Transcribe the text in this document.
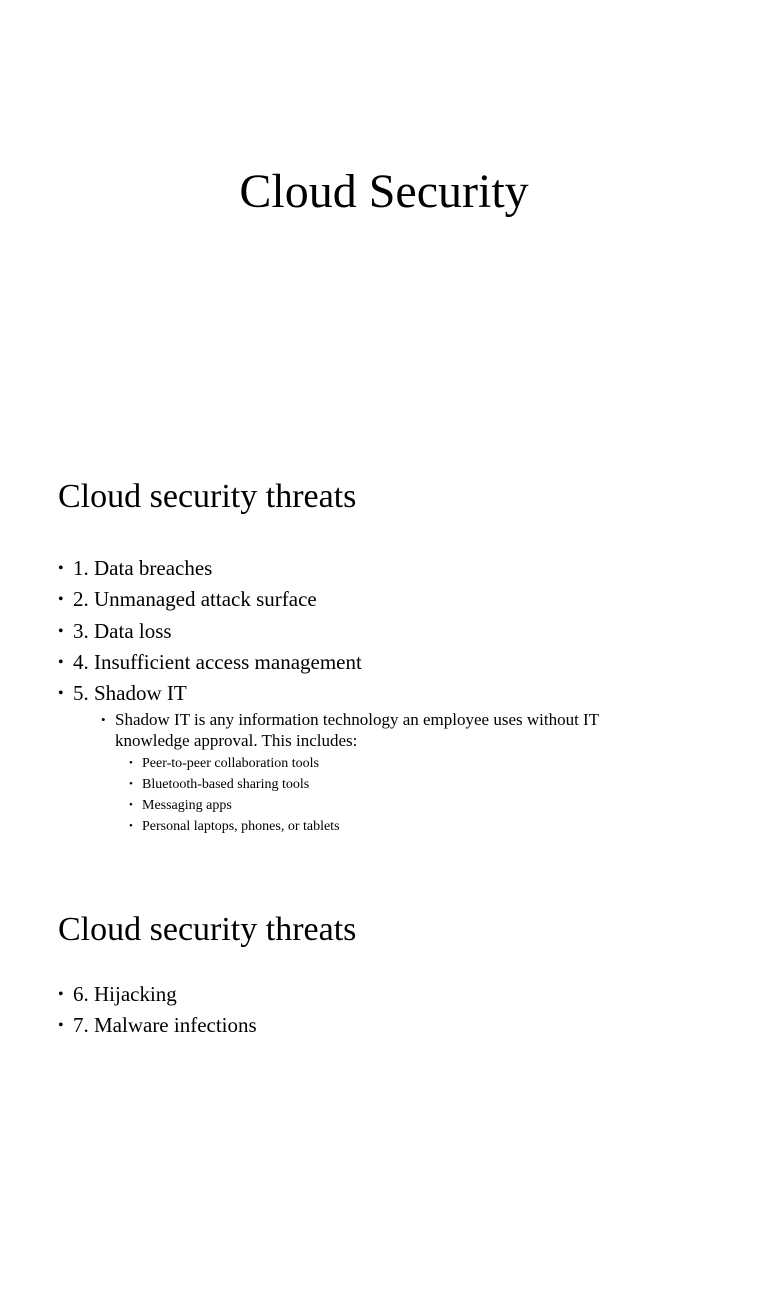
Cloud Security
Cloud security threats
• 1. Data breaches
• 2. Unmanaged attack surface
• 3. Data loss
• 4. Insufficient access management
• 5. Shadow IT
• Shadow IT is any information technology an employee uses without IT knowledge approval. This includes:
• Peer-to-peer collaboration tools
• Bluetooth-based sharing tools
• Messaging apps
• Personal laptops, phones, or tablets
Cloud security threats
• 6. Hijacking
• 7. Malware infections
